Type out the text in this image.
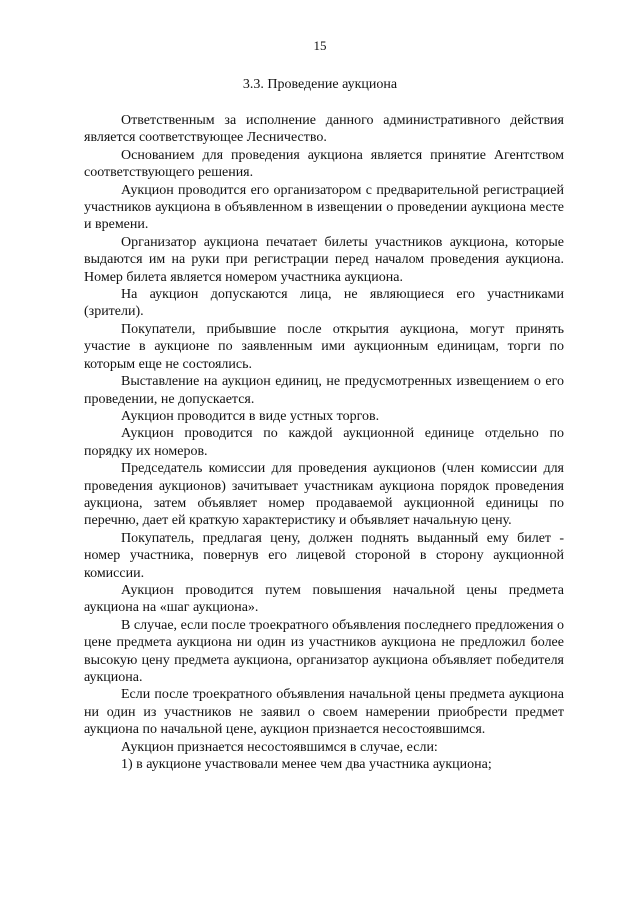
15
3.3. Проведение аукциона

Ответственным за исполнение данного административного действия является соответствующее Лесничество.

Основанием для проведения аукциона является принятие Агентством соответствующего решения.

Аукцион проводится его организатором с предварительной регистрацией участников аукциона в объявленном в извещении о проведении аукциона месте и времени.

Организатор аукциона печатает билеты участников аукциона, которые выдаются им на руки при регистрации перед началом проведения аукциона. Номер билета является номером участника аукциона.

На аукцион допускаются лица, не являющиеся его участниками (зрители).

Покупатели, прибывшие после открытия аукциона, могут принять участие в аукционе по заявленным ими аукционным единицам, торги по которым еще не состоялись.

Выставление на аукцион единиц, не предусмотренных извещением о его проведении, не допускается.

Аукцион проводится в виде устных торгов.

Аукцион проводится по каждой аукционной единице отдельно по порядку их номеров.

Председатель комиссии для проведения аукционов (член комиссии для проведения аукционов) зачитывает участникам аукциона порядок проведения аукциона, затем объявляет номер продаваемой аукционной единицы по перечню, дает ей краткую характеристику и объявляет начальную цену.

Покупатель, предлагая цену, должен поднять выданный ему билет - номер участника, повернув его лицевой стороной в сторону аукционной комиссии.

Аукцион проводится путем повышения начальной цены предмета аукциона на «шаг аукциона».

В случае, если после троекратного объявления последнего предложения о цене предмета аукциона ни один из участников аукциона не предложил более высокую цену предмета аукциона, организатор аукциона объявляет победителя аукциона.

Если после троекратного объявления начальной цены предмета аукциона ни один из участников не заявил о своем намерении приобрести предмет аукциона по начальной цене, аукцион признается несостоявшимся.

Аукцион признается несостоявшимся в случае, если:

1) в аукционе участвовали менее чем два участника аукциона;
